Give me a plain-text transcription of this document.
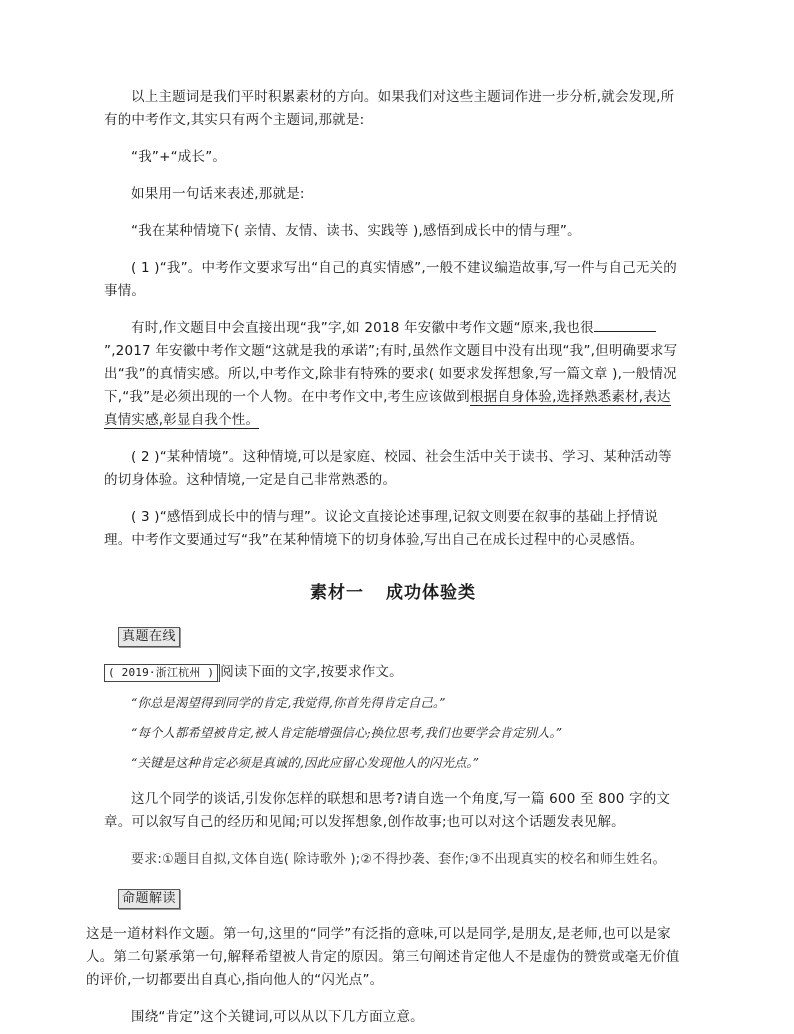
以上主题词是我们平时积累素材的方向。如果我们对这些主题词作进一步分析,就会发现,所有的中考作文,其实只有两个主题词,那就是:

“我”+“成长”。

如果用一句话来表述,那就是:

“我在某种情境下( 亲情、友情、读书、实践等 ),感悟到成长中的情与理”。

( 1 )“我”。中考作文要求写出“自己的真实情感”,一般不建议编造故事,写一件与自己无关的事情。

有时,作文题目中会直接出现“我”字,如 2018 年安徽中考作文题“原来,我也很”,2017 年安徽中考作文题“这就是我的承诺”;有时,虽然作文题目中没有出现“我”,但明确要求写出“我”的真情实感。所以,中考作文,除非有特殊的要求( 如要求发挥想象,写一篇文章 ),一般情况下,“我”是必须出现的一个人物。在中考作文中,考生应该做到根据自身体验,选择熟悉素材,表达真情实感,彰显自我个性。

( 2 )“某种情境”。这种情境,可以是家庭、校园、社会生活中关于读书、学习、某种活动等的切身体验。这种情境,一定是自己非常熟悉的。

( 3 )“感悟到成长中的情与理”。议论文直接论述事理,记叙文则要在叙事的基础上抒情说理。中考作文要通过写“我”在某种情境下的切身体验,写出自己在成长过程中的心灵感悟。

素材一 成功体验类
真题在线

( 2019·浙江杭州 ) 阅读下面的文字,按要求作文。

“你总是渴望得到同学的肯定,我觉得,你首先得肯定自己。”

“每个人都希望被肯定,被人肯定能增强信心;换位思考,我们也要学会肯定别人。”

“关键是这种肯定必须是真诚的,因此应留心发现他人的闪光点。”

这几个同学的谈话,引发你怎样的联想和思考?请自选一个角度,写一篇 600 至 800 字的文章。可以叙写自己的经历和见闻;可以发挥想象,创作故事;也可以对这个话题发表见解。

要求:①题目自拟,文体自选( 除诗歌外 );②不得抄袭、套作;③不出现真实的校名和师生姓名。

命题解读

这是一道材料作文题。第一句,这里的“同学”有泛指的意味,可以是同学,是朋友,是老师,也可以是家人。第二句紧承第一句,解释希望被人肯定的原因。第三句阐述肯定他人不是虚伪的赞赏或毫无价值的评价,一切都要出自真心,指向他人的“闪光点”。

围绕“肯定”这个关键词,可以从以下几方面立意。
